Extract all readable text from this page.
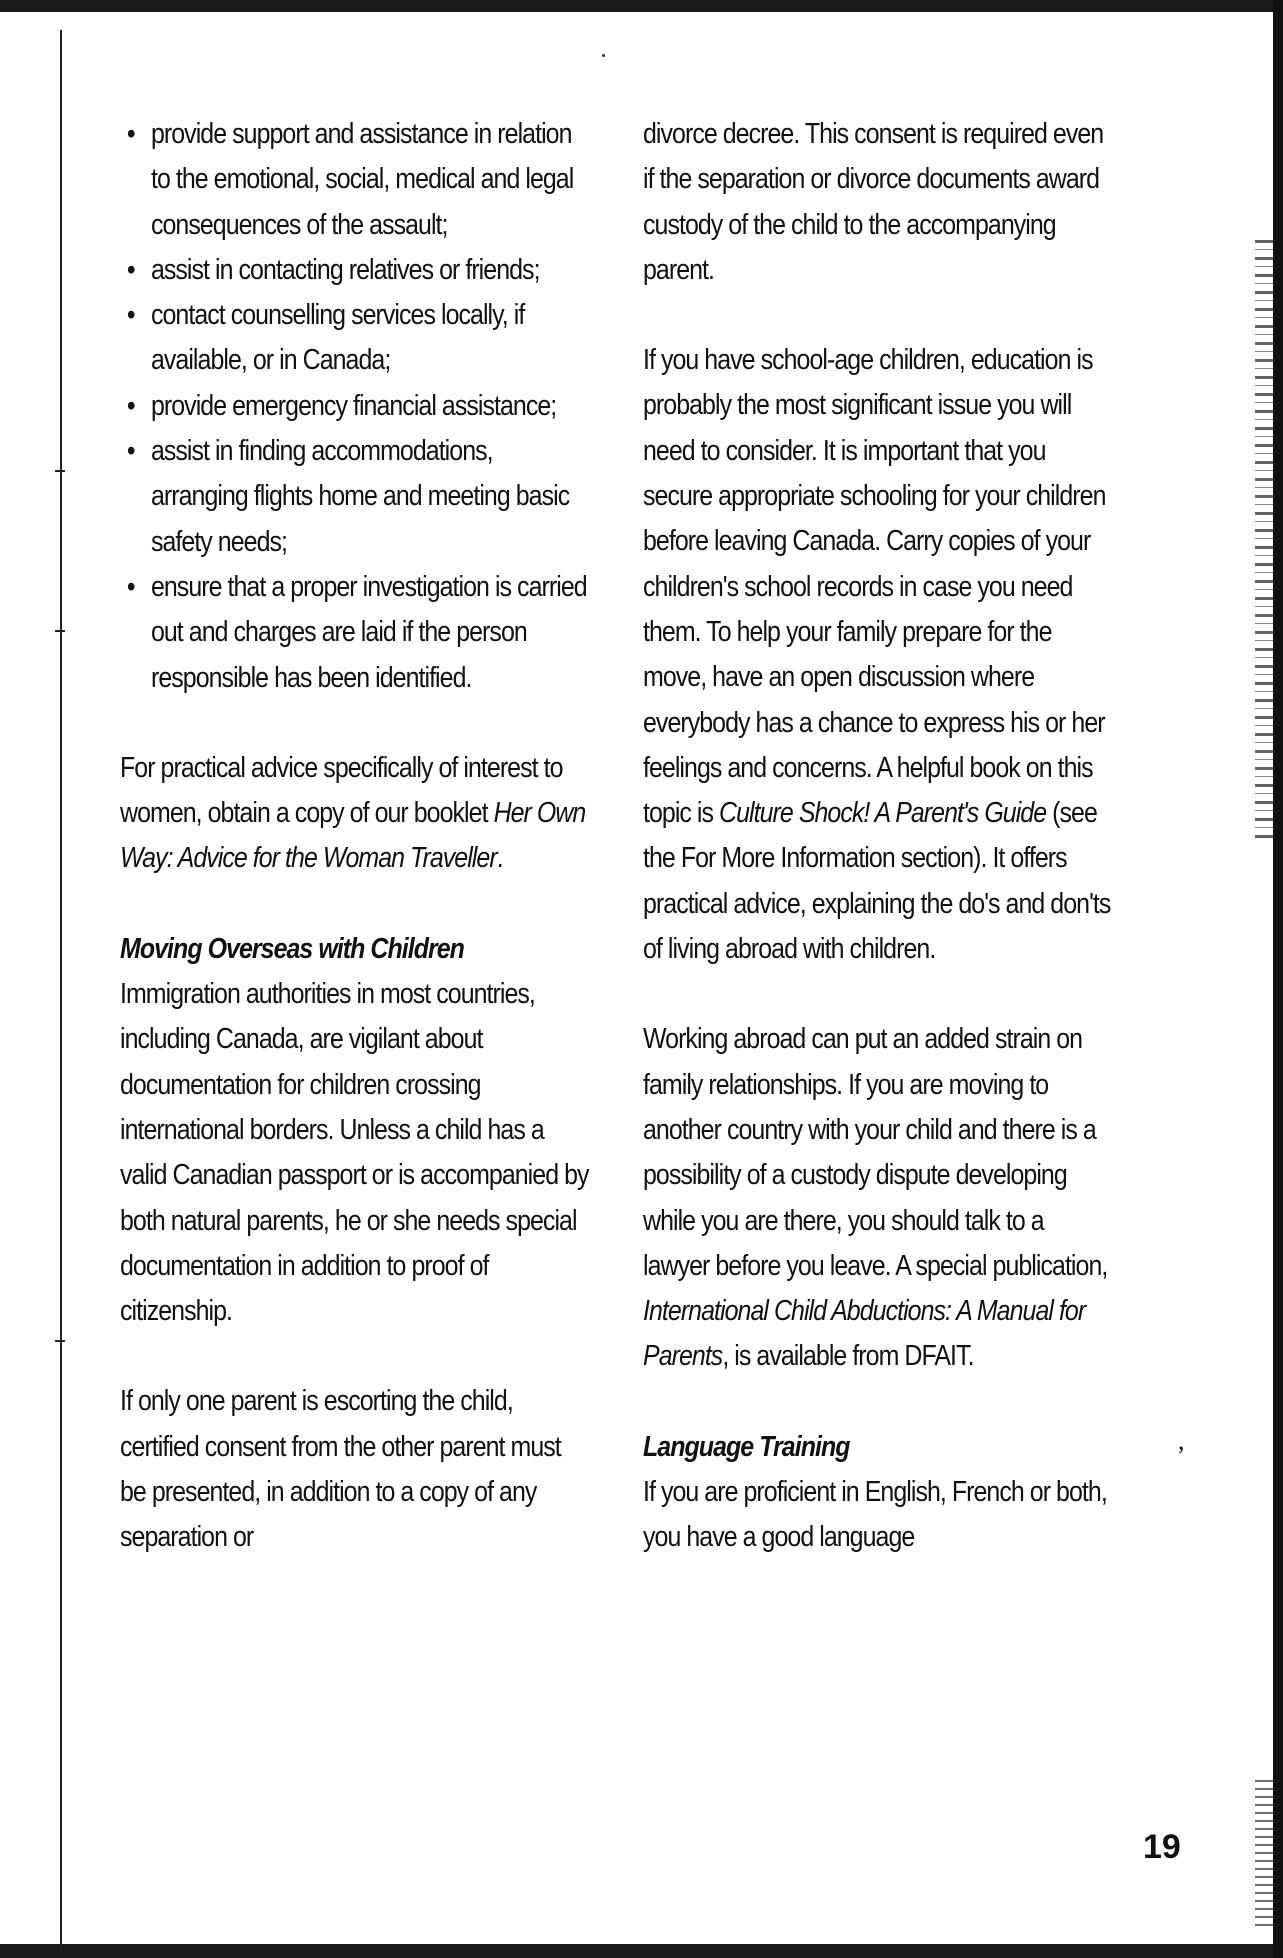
,
• provide support and assistance in relation to the emotional, social, medical and legal consequences of the assault;
• assist in contacting relatives or friends;
• contact counselling services locally, if available, or in Canada;
• provide emergency financial assistance;
• assist in finding accommodations, arranging flights home and meeting basic safety needs;
• ensure that a proper investigation is carried out and charges are laid if the person responsible has been identified.

For practical advice specifically of interest to women, obtain a copy of our booklet Her Own Way: Advice for the Woman Traveller.

Moving Overseas with Children

Immigration authorities in most countries, including Canada, are vigilant about documentation for children crossing international borders. Unless a child has a valid Canadian passport or is accompanied by both natural parents, he or she needs special documentation in addition to proof of citizenship.

If only one parent is escorting the child, certified consent from the other parent must be presented, in addition to a copy of any separation or

divorce decree. This consent is required even if the separation or divorce documents award custody of the child to the accompanying parent.

If you have school-age children, education is probably the most significant issue you will need to consider. It is important that you secure appropriate schooling for your children before leaving Canada. Carry copies of your children's school records in case you need them. To help your family prepare for the move, have an open discussion where everybody has a chance to express his or her feelings and concerns. A helpful book on this topic is Culture Shock! A Parent's Guide (see the For More Information section). It offers practical advice, explaining the do's and don'ts of living abroad with children.

Working abroad can put an added strain on family relationships. If you are moving to another country with your child and there is a possibility of a custody dispute developing while you are there, you should talk to a lawyer before you leave. A special publication, International Child Abductions: A Manual for Parents, is available from DFAIT.

Language Training

If you are proficient in English, French or both, you have a good language

19
